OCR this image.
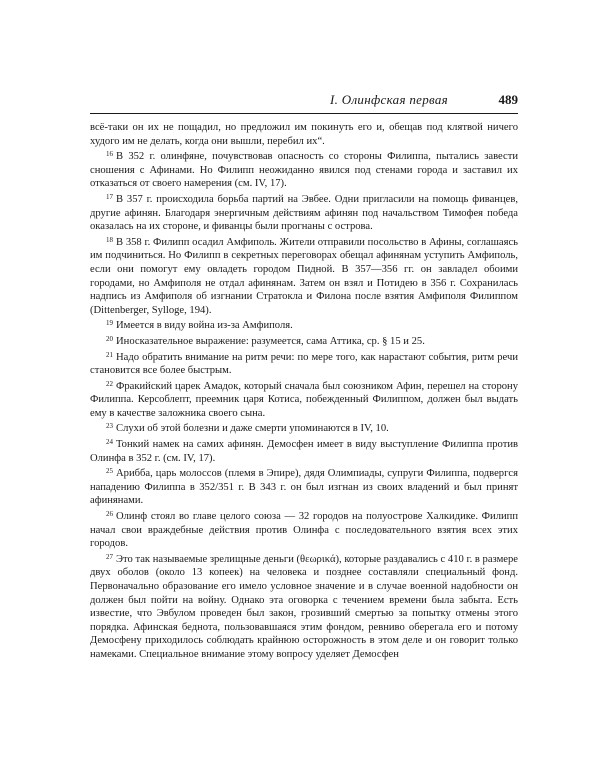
I. Олинфская первая	489

всё-таки он их не пощадил, но предложил им покинуть его и, обещав под клятвой ничего худого им не делать, когда они вышли, перебил их“.

$^{16}$ В 352 г. олинфяне, почувствовав опасность со стороны Филиппа, пытались завести сношения с Афинами. Но Филипп неожиданно явился под стенами города и заставил их отказаться от своего намерения (см. IV, 17).

$^{17}$ В 357 г. происходила борьба партий на Эвбее. Одни пригласили на помощь фиванцев, другие афинян. Благодаря энергичным действиям афинян под начальством Тимофея победа оказалась на их стороне, и фиванцы были прогнаны с острова.

$^{18}$ В 358 г. Филипп осадил Амфиполь. Жители отправили посольство в Афины, соглашаясь им подчиниться. Но Филипп в секретных переговорах обещал афинянам уступить Амфиполь, если они помогут ему овладеть городом Пидной. В 357—356 гг. он завладел обоими городами, но Амфиполя не отдал афинянам. Затем он взял и Потидею в 356 г. Сохранилась надпись из Амфиполя об изгнании Стратокла и Филона после взятия Амфиполя Филиппом (Dittenberger, Sylloge, 194).

$^{19}$ Имеется в виду война из-за Амфиполя.

$^{20}$ Иносказательное выражение: разумеется, сама Аттика, ср. § 15 и 25.

$^{21}$ Надо обратить внимание на ритм речи: по мере того, как нарастают события, ритм речи становится все более быстрым.

$^{22}$ Фракийский царек Амадок, который сначала был союзником Афин, перешел на сторону Филиппа. Керсоблепт, преемник царя Котиса, побежденный Филиппом, должен был выдать ему в качестве заложника своего сына.

$^{23}$ Слухи об этой болезни и даже смерти упоминаются в IV, 10.

$^{24}$ Тонкий намек на самих афинян. Демосфен имеет в виду выступление Филиппа против Олинфа в 352 г. (см. IV, 17).

$^{25}$ Ариббa, царь молоссов (племя в Эпире), дядя Олимпиады, супруги Филиппа, подвергся нападению Филиппа в 352/351 г. В 343 г. он был изгнан из своих владений и был принят афинянами.

$^{26}$ Олинф стоял во главе целого союза — 32 городов на полуострове Халкидике. Филипп начал свои враждебные действия против Олинфа с последовательного взятия всех этих городов.

$^{27}$ Это так называемые зрелищные деньги (θεωρικά), которые раздавались с 410 г. в размере двух оболов (около 13 копеек) на человека и позднее составляли специальный фонд. Первоначально образование его имело условное значение и в случае военной надобности он должен был пойти на войну. Однако эта оговорка с течением времени была забыта. Есть известие, что Эвбулом проведен был закон, грозивший смертью за попытку отмены этого порядка. Афинская беднота, пользовавшаяся этим фондом, ревниво оберегала его и потому Демосфену приходилось соблюдать крайнюю осторожность в этом деле и он говорит только намеками. Специальное внимание этому вопросу уделяет Демосфен
